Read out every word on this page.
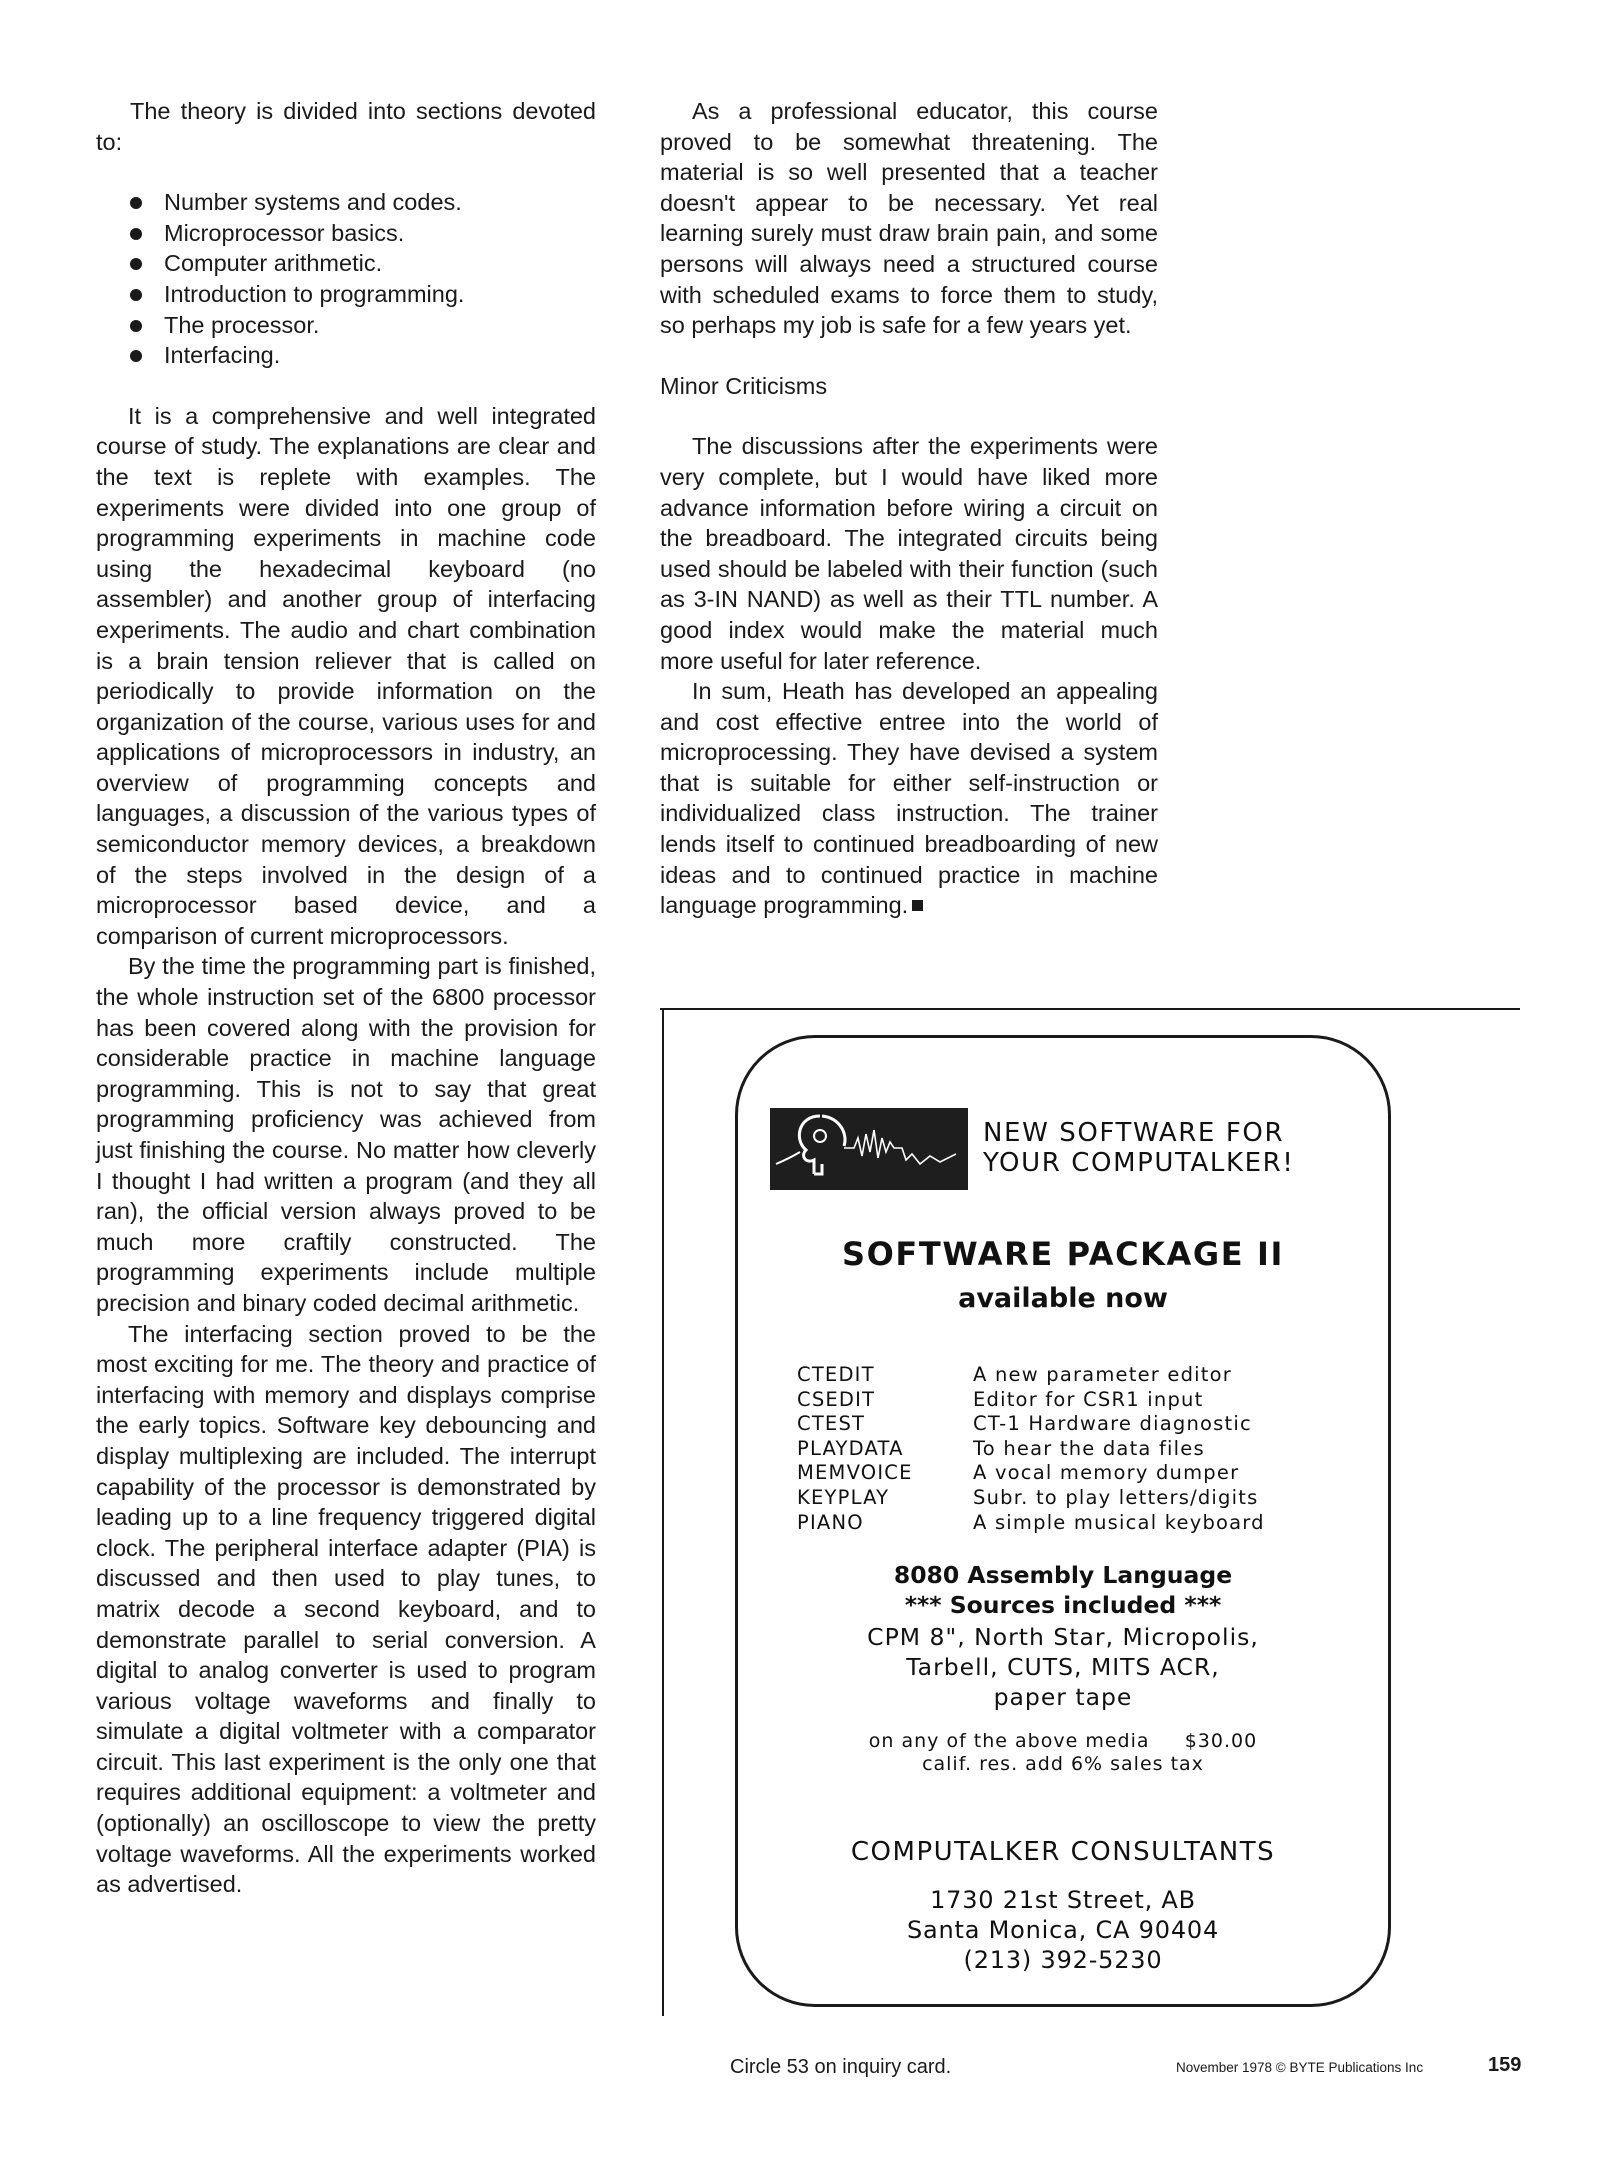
The theory is divided into sections devoted to:

Number systems and codes.
Microprocessor basics.
Computer arithmetic.
Introduction to programming.
The processor.
Interfacing.

It is a comprehensive and well integrated course of study. The explanations are clear and the text is replete with examples. The experiments were divided into one group of programming experiments in machine code using the hexadecimal keyboard (no assembler) and another group of interfacing experiments. The audio and chart combination is a brain tension reliever that is called on periodically to provide information on the organization of the course, various uses for and applications of microprocessors in industry, an overview of programming concepts and languages, a discussion of the various types of semiconductor memory devices, a breakdown of the steps involved in the design of a microprocessor based device, and a comparison of current microprocessors.

By the time the programming part is finished, the whole instruction set of the 6800 processor has been covered along with the provision for considerable practice in machine language programming. This is not to say that great programming proficiency was achieved from just finishing the course. No matter how cleverly I thought I had written a program (and they all ran), the official version always proved to be much more craftily constructed. The programming experiments include multiple precision and binary coded decimal arithmetic.

The interfacing section proved to be the most exciting for me. The theory and practice of interfacing with memory and displays comprise the early topics. Software key debouncing and display multiplexing are included. The interrupt capability of the processor is demonstrated by leading up to a line frequency triggered digital clock. The peripheral interface adapter (PIA) is discussed and then used to play tunes, to matrix decode a second keyboard, and to demonstrate parallel to serial conversion. A digital to analog converter is used to program various voltage waveforms and finally to simulate a digital voltmeter with a comparator circuit. This last experiment is the only one that requires additional equipment: a voltmeter and (optionally) an oscilloscope to view the pretty voltage waveforms. All the experiments worked as advertised.

As a professional educator, this course proved to be somewhat threatening. The material is so well presented that a teacher doesn't appear to be necessary. Yet real learning surely must draw brain pain, and some persons will always need a structured course with scheduled exams to force them to study, so perhaps my job is safe for a few years yet.

Minor Criticisms

The discussions after the experiments were very complete, but I would have liked more advance information before wiring a circuit on the breadboard. The integrated circuits being used should be labeled with their function (such as 3-IN NAND) as well as their TTL number. A good index would make the material much more useful for later reference.

In sum, Heath has developed an appealing and cost effective entree into the world of microprocessing. They have devised a system that is suitable for either self-instruction or individualized class instruction. The trainer lends itself to continued breadboarding of new ideas and to continued practice in machine language programming.

NEW SOFTWARE FOR
YOUR COMPUTALKER!
SOFTWARE PACKAGE II
available now
CTEDIT	A new parameter editor
CSEDIT	Editor for CSR1 input
CTEST	CT-1 Hardware diagnostic
PLAYDATA	To hear the data files
MEMVOICE	A vocal memory dumper
KEYPLAY	Subr. to play letters/digits
PIANO	A simple musical keyboard
8080 Assembly Language
*** Sources included ***
CPM 8", North Star, Micropolis,
Tarbell, CUTS, MITS ACR,
paper tape
on any of the above media     $30.00
calif. res. add 6% sales tax
COMPUTALKER CONSULTANTS
1730 21st Street, AB
Santa Monica, CA 90404
(213) 392-5230
Circle 53 on inquiry card.	November 1978 © BYTE Publications Inc	159
